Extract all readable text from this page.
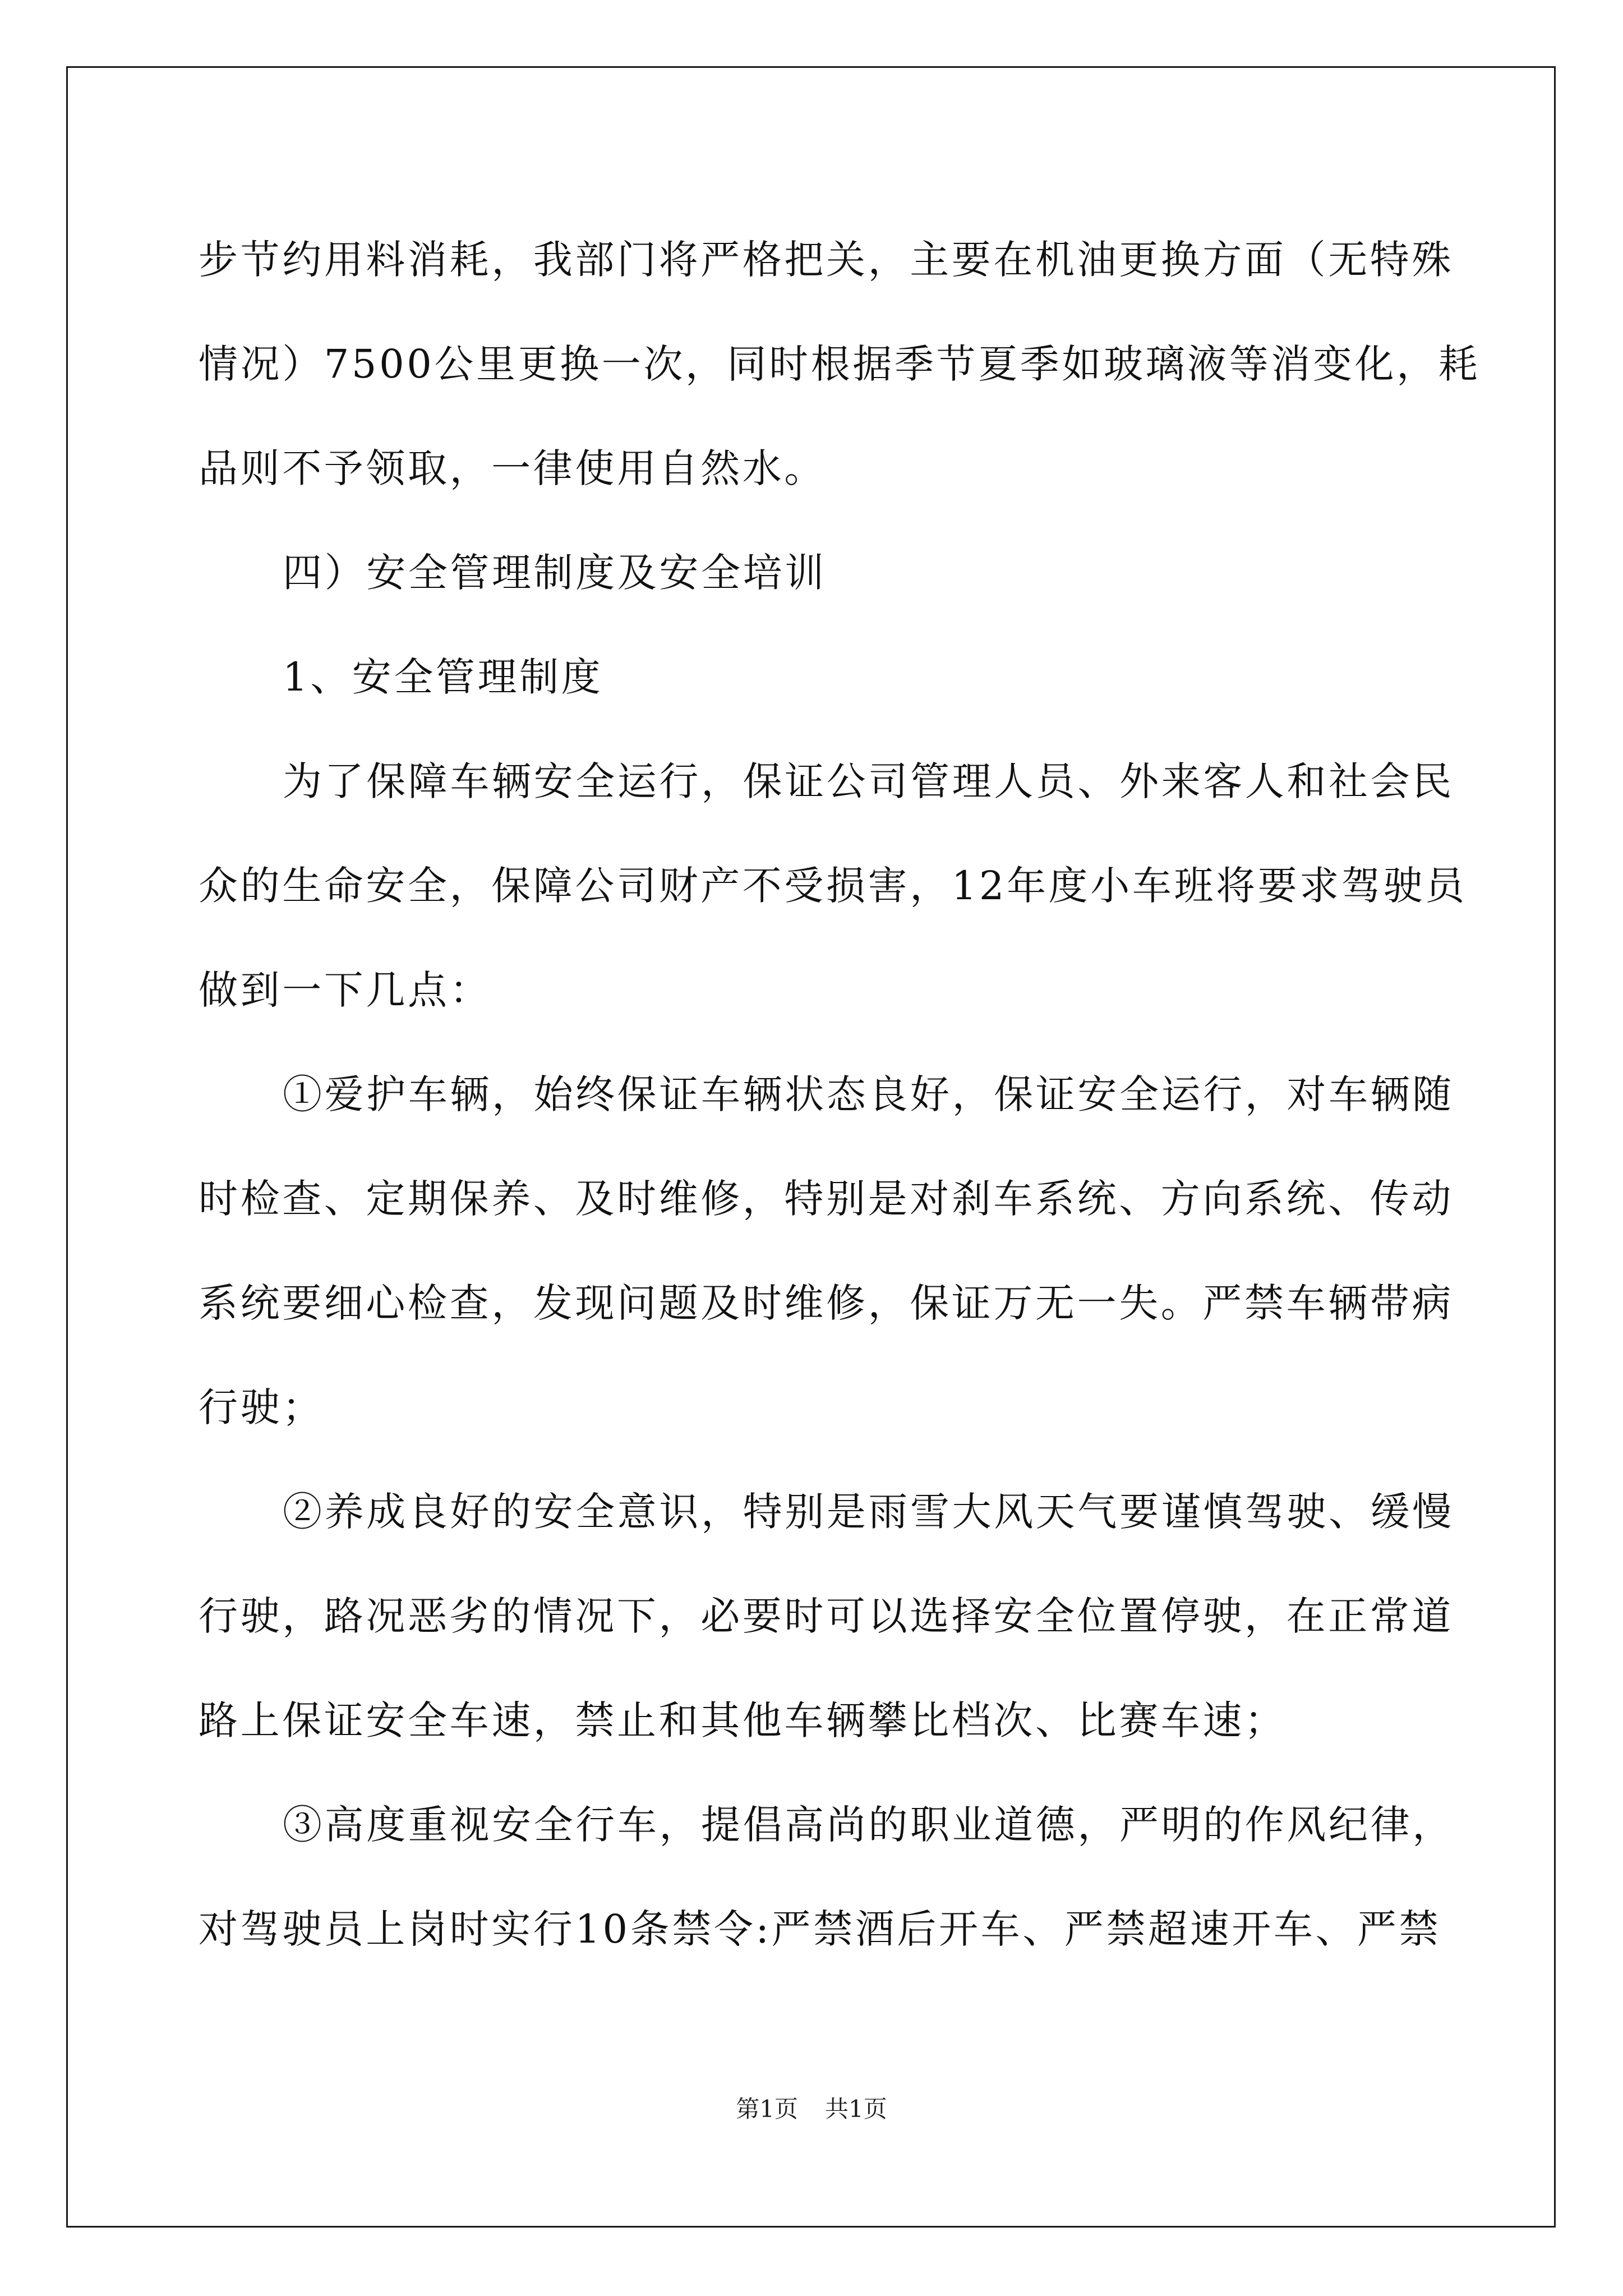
步节约用料消耗，我部门将严格把关，主要在机油更换方面（无特殊
情况）7500公里更换一次，同时根据季节夏季如玻璃液等消变化，耗
品则不予领取，一律使用自然水。
四）安全管理制度及安全培训
1、安全管理制度
为了保障车辆安全运行，保证公司管理人员、外来客人和社会民
众的生命安全，保障公司财产不受损害，12年度小车班将要求驾驶员
做到一下几点：
①爱护车辆，始终保证车辆状态良好，保证安全运行，对车辆随
时检查、定期保养、及时维修，特别是对刹车系统、方向系统、传动
系统要细心检查，发现问题及时维修，保证万无一失。严禁车辆带病
行驶；
②养成良好的安全意识，特别是雨雪大风天气要谨慎驾驶、缓慢
行驶，路况恶劣的情况下，必要时可以选择安全位置停驶，在正常道
路上保证安全车速，禁止和其他车辆攀比档次、比赛车速；
③高度重视安全行车，提倡高尚的职业道德，严明的作风纪律，
对驾驶员上岗时实行10条禁令:严禁酒后开车、严禁超速开车、严禁
第1页 共1页
